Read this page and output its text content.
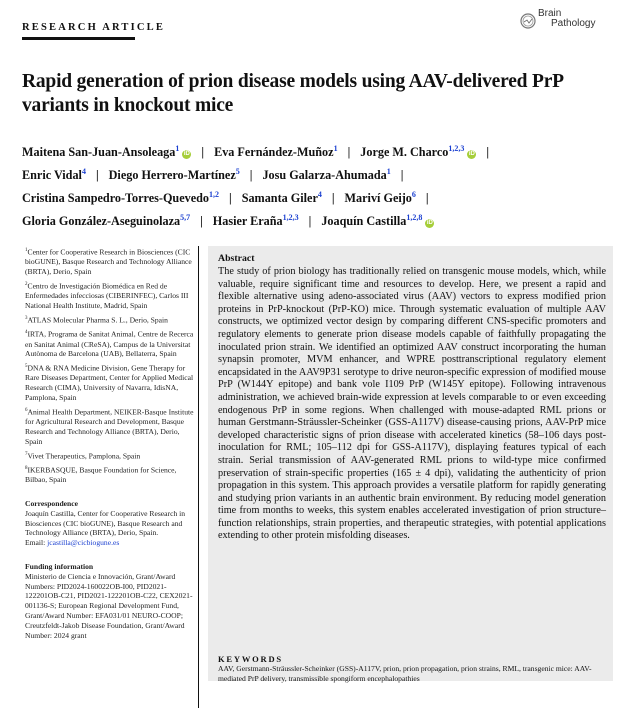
RESEARCH ARTICLE
Brain
Pathology
Rapid generation of prion disease models using AAV-delivered PrP variants in knockout mice
Maitena San-Juan-Ansoleaga$^1$iD | Eva Fernández-Muñoz$^1$ | Jorge M. Charco$^{1,2,3}$iD |
Enric Vidal$^4$ | Diego Herrero-Martínez$^5$ | Josu Galarza-Ahumada$^1$ |
Cristina Sampedro-Torres-Quevedo$^{1,2}$ | Samanta Giler$^4$ | Mariví Geijo$^6$ |
Gloria González-Aseguinolaza$^{5,7}$ | Hasier Eraña$^{1,2,3}$ | Joaquín Castilla$^{1,2,8}$iD
$^1$Center for Cooperative Research in Biosciences (CIC bioGUNE), Basque Research and Technology Alliance (BRTA), Derio, Spain
$^2$Centro de Investigación Biomédica en Red de Enfermedades infecciosas (CIBERINFEC), Carlos III National Health Institute, Madrid, Spain
$^3$ATLAS Molecular Pharma S. L., Derio, Spain
$^4$IRTA, Programa de Sanitat Animal, Centre de Recerca en Sanitat Animal (CReSA), Campus de la Universitat Autònoma de Barcelona (UAB), Bellaterra, Spain
$^5$DNA & RNA Medicine Division, Gene Therapy for Rare Diseases Department, Center for Applied Medical Research (CIMA), University of Navarra, IdisNA, Pamplona, Spain
$^6$Animal Health Department, NEIKER-Basque Institute for Agricultural Research and Development, Basque Research and Technology Alliance (BRTA), Derio, Spain
$^7$Vivet Therapeutics, Pamplona, Spain
$^8$IKERBASQUE, Basque Foundation for Science, Bilbao, Spain
Correspondence
Joaquín Castilla, Center for Cooperative Research in Biosciences (CIC bioGUNE), Basque Research and Technology Alliance (BRTA), Derio, Spain.
Email: jcastilla@cicbiogune.es
Funding information
Ministerio de Ciencia e Innovación, Grant/Award Numbers: PID2024-160022OB-I00, PID2021-122201OB-C21, PID2021-122201OB-C22, CEX2021-001136-S; European Regional Development Fund, Grant/Award Number: EFA031/01 NEURO-COOP; Creutzfeldt-Jakob Disease Foundation, Grant/Award Number: 2024 grant
Abstract
The study of prion biology has traditionally relied on transgenic mouse models, which, while valuable, require significant time and resources to develop. Here, we present a rapid and flexible alternative using adeno-associated virus (AAV) vectors to express modified prion proteins in PrP-knockout (PrP-KO) mice. Through systematic evaluation of multiple AAV constructs, we optimized vector design by comparing different CNS-specific promoters and regulatory elements to generate prion disease models capable of faithfully propagating the inoculated prion strain. We identified an optimized AAV construct incorporating the human synapsin promoter, MVM enhancer, and WPRE posttranscriptional regulatory element encapsidated in the AAV9P31 serotype to drive neuron-specific expression of modified mouse PrP (W144Y epitope) and bank vole I109 PrP (W145Y epitope). Following intravenous administration, we achieved brain-wide expression at levels comparable to or even exceeding endogenous PrP in some regions. When challenged with mouse-adapted RML prions or human Gerstmann-Sträussler-Scheinker (GSS-A117V) disease-causing prions, AAV-PrP mice developed characteristic signs of prion disease with accelerated kinetics (58–106 days post-inoculation for RML; 105–112 dpi for GSS-A117V), displaying features typical of each strain. Serial transmission of AAV-generated RML prions to wild-type mice confirmed preservation of strain-specific properties (165 ± 4 dpi), validating the authenticity of prion propagation in this system. This approach provides a versatile platform for rapidly generating and studying prion variants in an authentic brain environment. By reducing model generation time from months to weeks, this system enables accelerated investigation of prion structure–function relationships, strain properties, and therapeutic strategies, with potential applications extending to other protein misfolding diseases.
KEYWORDS
AAV, Gerstmann-Sträussler-Scheinker (GSS)-A117V, prion, prion propagation, prion strains, RML, transgenic mice: AAV-mediated PrP delivery, transmissible spongiform encephalopathies
